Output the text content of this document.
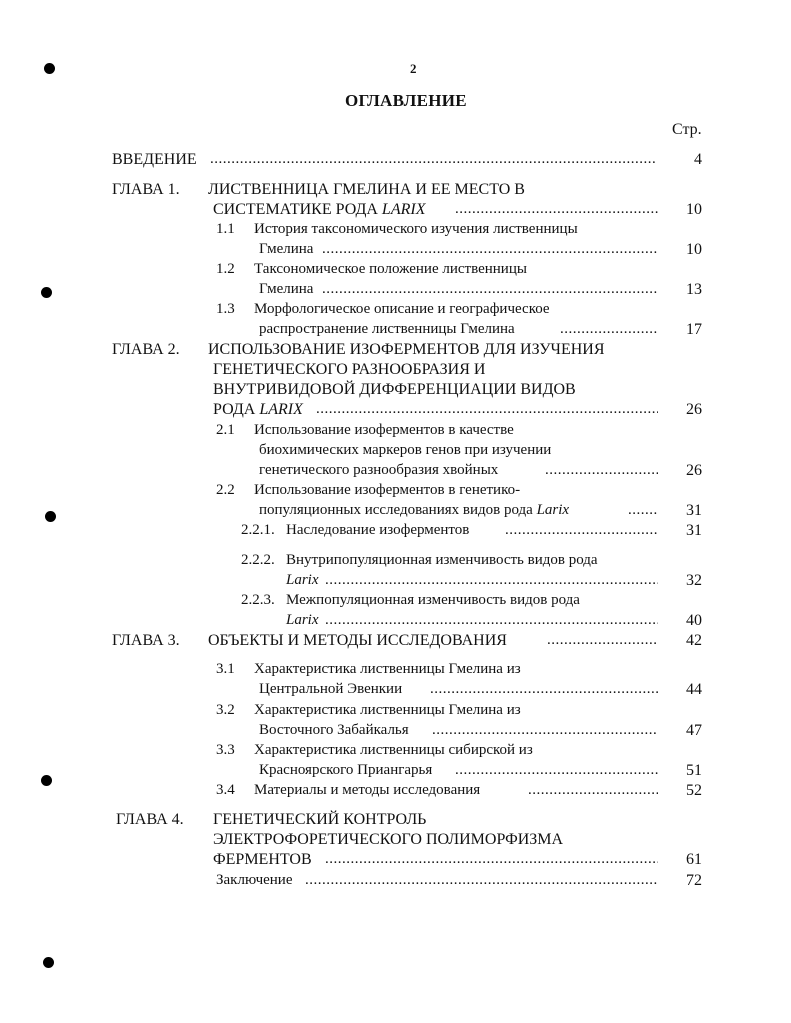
2
ОГЛАВЛЕНИЕ
Стр.
ВВЕДЕНИЕ .....	4
ГЛАВА 1. ЛИСТВЕННИЦА ГМЕЛИНА И ЕЕ МЕСТО В
СИСТЕМАТИКЕ РОДА LARIX .....	10
1.1 История таксономического изучения лиственницы
Гмелина .....	10
1.2 Таксономическое положение лиственницы
Гмелина .....	13
1.3 Морфологическое описание и географическое
распространение лиственницы Гмелина .....	17
ГЛАВА 2. ИСПОЛЬЗОВАНИЕ ИЗОФЕРМЕНТОВ ДЛЯ ИЗУЧЕНИЯ
ГЕНЕТИЧЕСКОГО РАЗНООБРАЗИЯ И
ВНУТРИВИДОВОЙ ДИФФЕРЕНЦИАЦИИ ВИДОВ
РОДА LARIX .....	26
2.1 Использование изоферментов в качестве
биохимических маркеров генов при изучении
генетического разнообразия хвойных .....	26
2.2 Использование изоферментов в генетико-
популяционных исследованиях видов рода Larix .....	31
2.2.1. Наследование изоферментов .....	31
2.2.2. Внутрипопуляционная изменчивость видов рода
Larix .....	32
2.2.3. Межпопуляционная изменчивость видов рода
Larix .....	40
ГЛАВА 3. ОБЪЕКТЫ И МЕТОДЫ ИССЛЕДОВАНИЯ .....	42
3.1 Характеристика лиственницы Гмелина из
Центральной Эвенкии .....	44
3.2 Характеристика лиственницы Гмелина из
Восточного Забайкалья .....	47
3.3 Характеристика лиственницы сибирской из
Красноярского Приангарья .....	51
3.4 Материалы и методы исследования .....	52
ГЛАВА 4. ГЕНЕТИЧЕСКИЙ КОНТРОЛЬ
ЭЛЕКТРОФОРЕТИЧЕСКОГО ПОЛИМОРФИЗМА
ФЕРМЕНТОВ .....	61
Заключение .....	72
